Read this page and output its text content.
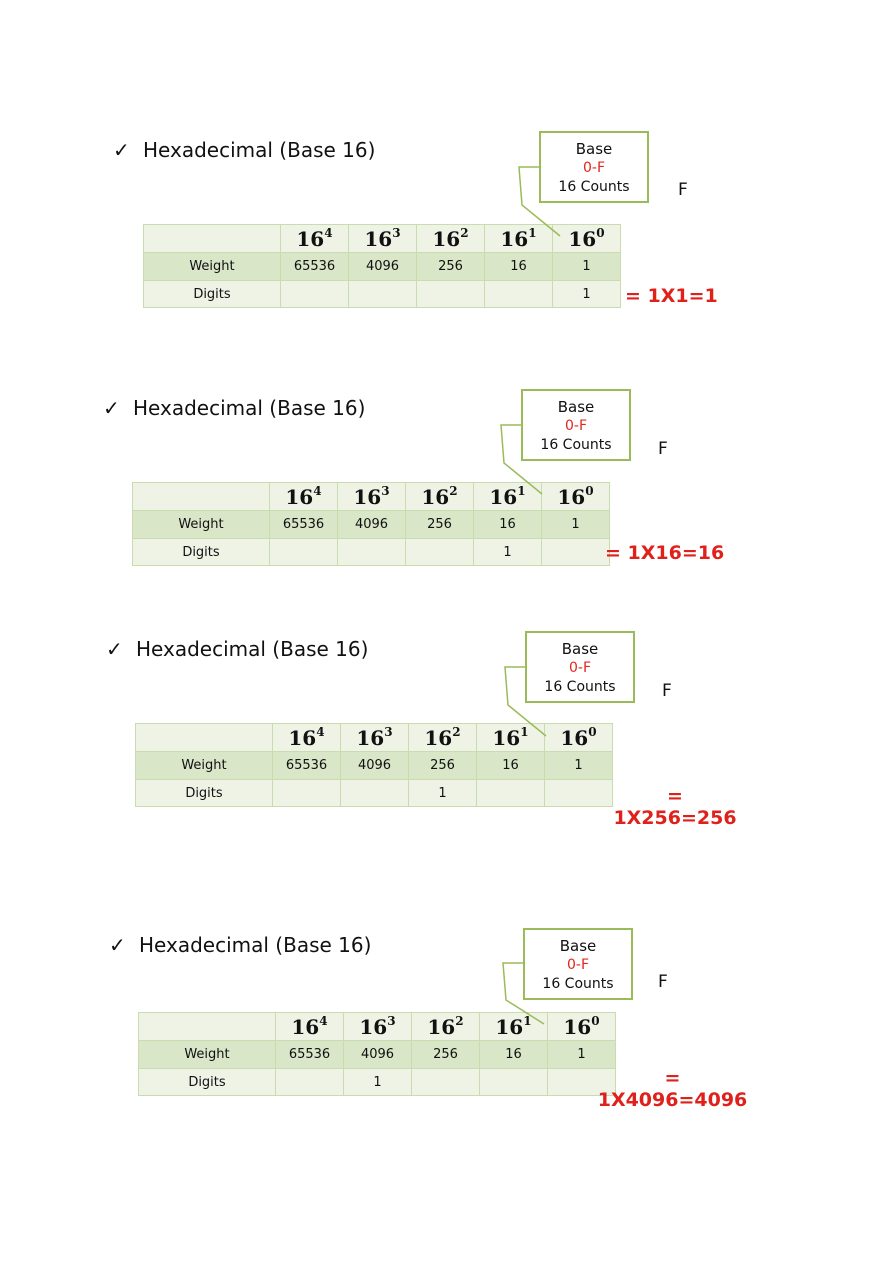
✓ Hexadecimal (Base 16)	Base
0-F
16 Counts	F
	$16^4$	$16^3$	$16^2$	$16^1$	$16^0$
Weight	65536	4096	256	16	1
Digits					1 = 1X1=1
✓ Hexadecimal (Base 16)	Base
0-F
16 Counts	F
	$16^4$	$16^3$	$16^2$	$16^1$	$16^0$
Weight	65536	4096	256	16	1
Digits				1		= 1X16=16
✓ Hexadecimal (Base 16)	Base
0-F
16 Counts	F
	$16^4$	$16^3$	$16^2$	$16^1$	$16^0$
Weight	65536	4096	256	16	1
Digits			1			=
1X256=256
✓ Hexadecimal (Base 16)	Base
0-F
16 Counts	F
	$16^4$	$16^3$	$16^2$	$16^1$	$16^0$
Weight	65536	4096	256	16	1
Digits		1				=
1X4096=4096
